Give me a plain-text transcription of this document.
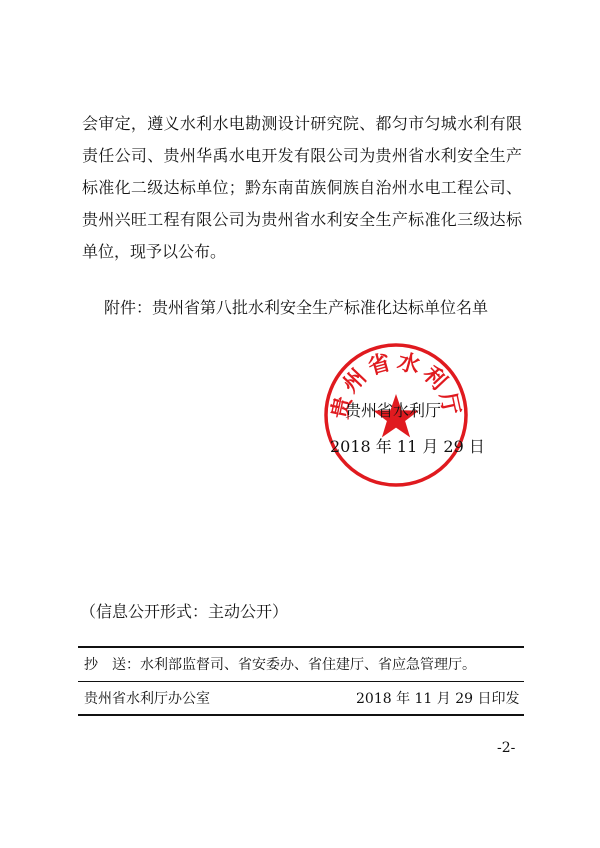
会审定，遵义水利水电勘测设计研究院、都匀市匀城水利有限责任公司、贵州华禹水电开发有限公司为贵州省水利安全生产标准化二级达标单位；黔东南苗族侗族自治州水电工程公司、贵州兴旺工程有限公司为贵州省水利安全生产标准化三级达标单位，现予以公布。

附件：贵州省第八批水利安全生产标准化达标单位名单
贵州省水利厅
贵州省水利厅
2018 年 11 月 29 日
（信息公开形式：主动公开）
抄　送：水利部监督司、省安委办、省住建厅、省应急管理厅。
贵州省水利厅办公室	2018 年 11 月 29 日印发
-2-
